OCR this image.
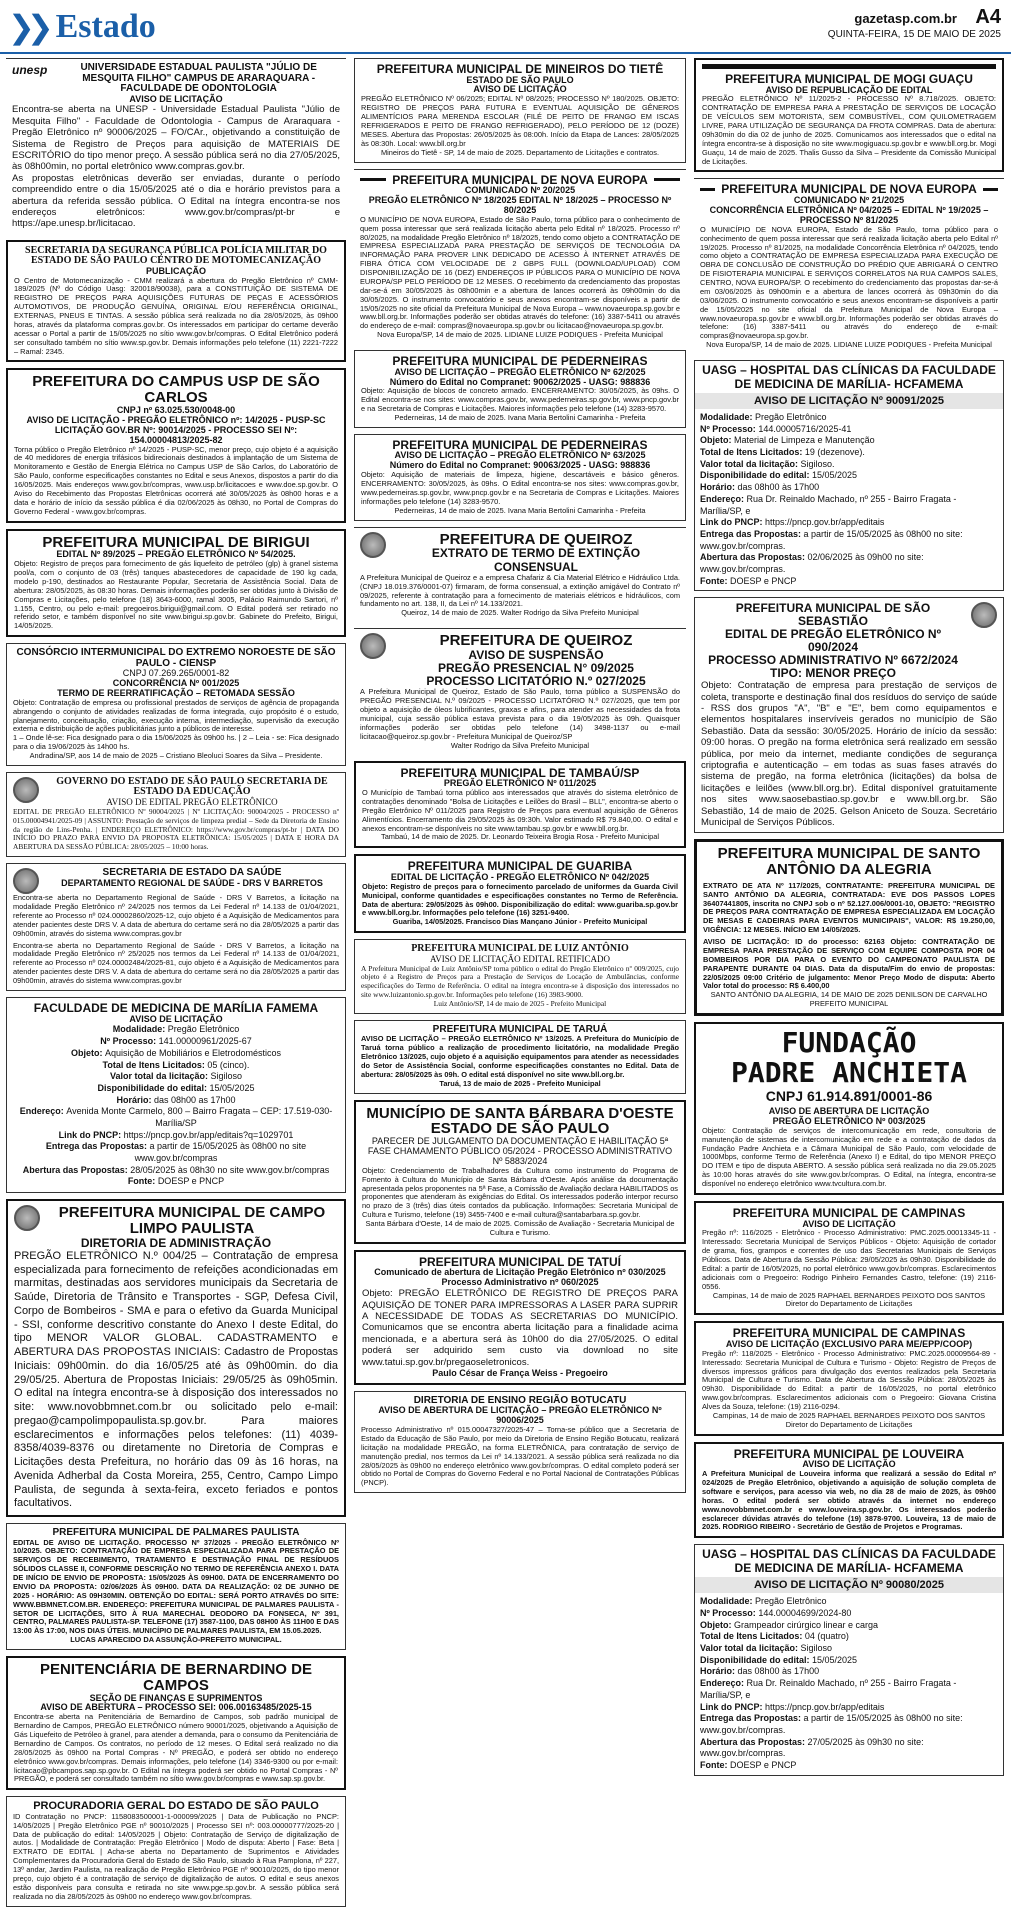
❯❯ Estado	gazetasp.com.br A4
QUINTA-FEIRA, 15 DE MAIO DE 2025
unesp	UNIVERSIDADE ESTADUAL PAULISTA "JÚLIO DE MESQUITA FILHO" CAMPUS DE ARARAQUARA - FACULDADE DE ODONTOLOGIA
AVISO DE LICITAÇÃO
Encontra-se aberta na UNESP - Universidade Estadual Paulista "Júlio de Mesquita Filho" - Faculdade de Odontologia - Campus de Araraquara - Pregão Eletrônico nº 90006/2025 – FO/CAr., objetivando a constituição de Sistema de Registro de Preços para aquisição de MATERIAIS DE ESCRITÓRIO do tipo menor preço. A sessão pública será no dia 27/05/2025, às 08h00min, no portal eletrônico www.compras.gov.br.
As propostas eletrônicas deverão ser enviadas, durante o período compreendido entre o dia 15/05/2025 até o dia e horário previstos para a abertura da referida sessão pública. O Edital na íntegra encontra-se nos endereços eletrônicos: www.gov.br/compras/pt-br e https://ape.unesp.br/licitacao.
SECRETARIA DA SEGURANÇA PÚBLICA POLÍCIA MILITAR DO ESTADO DE SÃO PAULO CENTRO DE MOTOMECANIZAÇÃO
PUBLICAÇÃO
O Centro de Motomecanização - CMM realizará a abertura do Pregão Eletrônico nº CMM-189/2025 (Nº do Código Uasg: 320018/90038), para a CONSTITUIÇÃO DE SISTEMA DE REGISTRO DE PREÇOS PARA AQUISIÇÕES FUTURAS DE PEÇAS E ACESSÓRIOS AUTOMOTIVOS, DE PRODUÇÃO GENUÍNA, ORIGINAL E/OU REFERÊNCIA ORIGINAL, EXTERNAS, PNEUS E TINTAS. A sessão pública será realizada no dia 28/05/2025, às 09h00 horas, através da plataforma compras.gov.br. Os interessados em participar do certame deverão acessar o Portal a partir de 15/05/2025 no sítio www.gov.br/compras. O Edital Eletrônico poderá ser consultado também no sítio www.sp.gov.br. Demais informações pelo telefone (11) 2221-7222 – Ramal: 2345.
PREFEITURA DO CAMPUS USP DE SÃO CARLOS
CNPJ nº 63.025.530/0048-00
AVISO DE LICITAÇÃO - PREGÃO ELETRÔNICO nº: 14/2025 - PUSP-SC
LICITAÇÃO GOV.BR Nº: 90014/2025 - PROCESSO SEI Nº: 154.00004813/2025-82
Torna público o Pregão Eletrônico nº 14/2025 - PUSP-SC, menor preço, cujo objeto é a aquisição de 40 medidores de energia trifásicos bidirecionais destinados à implantação de um Sistema de Monitoramento e Gestão de Energia Elétrica no Campus USP de São Carlos, do Laboratório de São Paulo, conforme especificações constantes no Edital e seus Anexos, dispostos a partir do dia 16/05/2025. Mais endereços www.gov.br/compras, www.usp.br/licitacoes e www.doe.sp.gov.br. O Aviso do Recebimento das Propostas Eletrônicas ocorrerá até 30/05/2025 às 08h00 horas e a data e horário de início da sessão pública é dia 02/06/2025 às 08h30, no Portal de Compras do Governo Federal - www.gov.br/compras.
PREFEITURA MUNICIPAL DE BIRIGUI
EDITAL Nº 89/2025 – PREGÃO ELETRÔNICO Nº 54/2025.
Objeto: Registro de preços para fornecimento de gás liquefeito de petróleo (glp) à granel sistema pool/a, com o conjunto de 03 (três) tanques abastecedores de capacidade de 190 kg cada, modelo p-190, destinados ao Restaurante Popular, Secretaria de Assistência Social. Data de abertura: 28/05/2025, às 08:30 horas. Demais informações poderão ser obtidas junto à Divisão de Compras e Licitações, pelo telefone (18) 3643-6000, ramal 3005, Palácio Raimundo Sartori, nº 1.155, Centro, ou pelo e-mail: pregoeiros.birigui@gmail.com. O Edital poderá ser retirado no referido setor, e também disponível no site www.birigui.sp.gov.br. Gabinete do Prefeito, Birigui, 14/05/2025.
CONSÓRCIO INTERMUNICIPAL DO EXTREMO NOROESTE DE SÃO PAULO - CIENSP
CNPJ 07.269.265/0001-82
CONCORRÊNCIA Nº 001/2025
TERMO DE REERRATIFICAÇÃO – RETOMADA SESSÃO
Objeto: Contratação de empresa ou profissional prestados de serviços de agência de propaganda abrangendo o conjunto de atividades realizadas de forma integrada, cujo propósito é o estudo, planejamento, conceituação, criação, execução interna, intermediação, supervisão da execução externa e distribuição de ações publicitárias junto a públicos de interesse.
1 – Onde lê-se: Fica designado para o dia 15/06/2025 às 09h00 hs. | 2 – Leia - se: Fica designado para o dia 19/06/2025 às 14h00 hs.
Andradina/SP, aos 14 de maio de 2025 – Cristiano Bleoluci Soares da Silva – Presidente.
GOVERNO DO ESTADO DE SÃO PAULO SECRETARIA DE ESTADO DA EDUCAÇÃO
AVISO DE EDITAL PREGÃO ELETRÔNICO
EDITAL DE PREGÃO ELETRÔNICO Nº 90004/2025 | Nº LICITAÇÃO: 90004/2025 - PROCESSO nº 015.00004941/2025-09 | ASSUNTO: Prestação de serviços de limpeza predial – Sede da Diretoria de Ensino da região de Lins-Penha. | ENDEREÇO ELETRÔNICO: https://www.gov.br/compras/pt-br | DATA DO INÍCIO DO PRAZO PARA ENVIO DA PROPOSTA ELETRÔNICA: 15/05/2025 | DATA E HORA DA ABERTURA DA SESSÃO PÚBLICA: 28/05/2025 – 10:00 horas.
SECRETARIA DE ESTADO DA SAÚDE
DEPARTAMENTO REGIONAL DE SAÚDE - DRS V BARRETOS
Encontra-se aberta no Departamento Regional de Saúde - DRS V Barretos, a licitação na modalidade Pregão Eletrônico nº 24/2025 nos termos da Lei Federal nº 14.133 de 01/04/2021, referente ao Processo nº 024.00002860/2025-12, cujo objeto é a Aquisição de Medicamentos para atender pacientes deste DRS V. A data de abertura do certame será no dia 28/05/2025 a partir das 09h00min, através do sistema www.compras.gov.br
Encontra-se aberta no Departamento Regional de Saúde - DRS V Barretos, a licitação na modalidade Pregão Eletrônico nº 25/2025 nos termos da Lei Federal nº 14.133 de 01/04/2021, referente ao Processo nº 024.00002484/2025-81, cujo objeto é a Aquisição de Medicamentos para atender pacientes deste DRS V. A data de abertura do certame será no dia 28/05/2025 a partir das 09h00min, através do sistema www.compras.gov.br
FACULDADE DE MEDICINA DE MARÍLIA FAMEMA
AVISO DE LICITAÇÃO
Modalidade: Pregão Eletrônico
Nº Processo: 141.00000961/2025-67
Objeto: Aquisição de Mobiliários e Eletrodomésticos
Total de Itens Licitados: 05 (cinco).
Valor total da licitação: Sigiloso
Disponibilidade do edital: 15/05/2025
Horário: das 08h00 as 17h00
Endereço: Avenida Monte Carmelo, 800 – Bairro Fragata – CEP: 17.519-030-Marília/SP
Link do PNCP: https://pncp.gov.br/app/editais?q=1029701
Entrega das Propostas: a partir de 15/05/2025 às 08h00 no site www.gov.br/compras
Abertura das Propostas: 28/05/2025 às 08h30 no site www.gov.br/compras
Fonte: DOESP e PNCP
PREFEITURA MUNICIPAL DE CAMPO LIMPO PAULISTA
DIRETORIA DE ADMINISTRAÇÃO
PREGÃO ELETRÔNICO N.º 004/25 – Contratação de empresa especializada para fornecimento de refeições acondicionadas em marmitas, destinadas aos servidores municipais da Secretaria de Saúde, Diretoria de Trânsito e Transportes - SGP, Defesa Civil, Corpo de Bombeiros - SMA e para o efetivo da Guarda Municipal - SSI, conforme descritivo constante do Anexo I deste Edital, do tipo MENOR VALOR GLOBAL. CADASTRAMENTO e ABERTURA DAS PROPOSTAS INICIAIS: Cadastro de Propostas Iniciais: 09h00min. do dia 16/05/25 até às 09h00min. do dia 29/05/25. Abertura de Propostas Iniciais: 29/05/25 às 09h05min. O edital na íntegra encontra-se à disposição dos interessados no site: www.novobbmnet.com.br ou solicitado pelo e-mail: pregao@campolimpopaulista.sp.gov.br. Para maiores esclarecimentos e informações pelos telefones: (11) 4039-8358/4039-8376 ou diretamente no Diretoria de Compras e Licitações desta Prefeitura, no horário das 09 às 16 horas, na Avenida Adherbal da Costa Moreira, 255, Centro, Campo Limpo Paulista, de segunda à sexta-feira, exceto feriados e pontos facultativos.
PREFEITURA MUNICIPAL DE PALMARES PAULISTA
EDITAL DE AVISO DE LICITAÇÃO. PROCESSO Nº 37/2025 - PREGÃO ELETRÔNICO Nº 10/2025. OBJETO: CONTRATAÇÃO DE EMPRESA ESPECIALIZADA PARA PRESTAÇÃO DE SERVIÇOS DE RECEBIMENTO, TRATAMENTO E DESTINAÇÃO FINAL DE RESÍDUOS SÓLIDOS CLASSE II, CONFORME DESCRIÇÃO NO TERMO DE REFERÊNCIA ANEXO I. DATA DE INÍCIO DE ENVIO DE PROPOSTA: 15/05/2025 ÀS 09H00. DATA DE ENCERRAMENTO DO ENVIO DA PROPOSTA: 02/06/2025 ÀS 09H00. DATA DA REALIZAÇÃO: 02 DE JUNHO DE 2025 - HORÁRIO: AS 09H30MIN. OBTENÇÃO DO EDITAL: SERÁ PORTO ATRAVÉS DO SITE: WWW.BBMNET.COM.BR. ENDEREÇO: PREFEITURA MUNICIPAL DE PALMARES PAULISTA - SETOR DE LICITAÇÕES, SITO À RUA MARECHAL DEODORO DA FONSECA, Nº 391, CENTRO, PALMARES PAULISTA-SP. TELEFONE (17) 3587-1100, DAS 08H00 ÀS 11H00 E DAS 13:00 ÀS 17:00, NOS DIAS ÚTEIS. MUNICÍPIO DE PALMARES PAULISTA, EM 15.05.2025.
LUCAS APARECIDO DA ASSUNÇÃO-PREFEITO MUNICIPAL.
PENITENCIÁRIA DE BERNARDINO DE CAMPOS
SEÇÃO DE FINANÇAS E SUPRIMENTOS
AVISO DE ABERTURA – PROCESSO SEI: 006.00163485/2025-15
Encontra-se aberta na Penitenciária de Bernardino de Campos, sob padrão municipal de Bernardino de Campos, PREGÃO ELETRÔNICO número 90001/2025, objetivando a Aquisição de Gás Liquefeito de Petróleo à granel, para atender a demanda, para o consumo da Penitenciária de Bernardino de Campos. Os contratos, no período de 12 meses. O Edital será realizado no dia 28/05/2025 às 09h00 na Portal Compras - Nº PREGÃO, e poderá ser obtido no endereço eletrônico www.gov.br/compras. Demais informações, pelo telefone (14) 3346-9300 ou por e-mail: licitacao@pbcampos.sap.sp.gov.br. O Edital na íntegra poderá ser obtido no Portal Compras - Nº PREGÃO, e poderá ser consultado também no sítio www.gov.br/compras e www.sap.sp.gov.br.
PROCURADORIA GERAL DO ESTADO DE SÃO PAULO
ID Contratação no PNCP: 1158083500001-1-000099/2025 | Data de Publicação no PNCP: 14/05/2025 | Pregão Eletrônico PGE nº 90010/2025 | Processo SEI nº: 003.00000777/2025-20 | Data de publicação do edital: 14/05/2025 | Objeto: Contratação de Serviço de digitalização de autos. | Modalidade de Contratação: Pregão Eletrônico | Modo de disputa: Aberto | Fase: Beta | EXTRATO DE EDITAL | Acha-se aberta no Departamento de Suprimentos e Atividades Complementares da Procuradoria Geral do Estado de São Paulo, situado à Rua Pamplona, nº 227, 13º andar, Jardim Paulista, na realização de Pregão Eletrônico PGE nº 90010/2025, do tipo menor preço, cujo objeto é a contratação de serviço de digitalização de autos. O edital e seus anexos estão disponíveis para consulta e retirada no site www.pge.sp.gov.br. A sessão pública será realizada no dia 28/05/2025 às 09h00 no endereço www.gov.br/compras.
PREFEITURA MUNICIPAL DE MINEIROS DO TIETÊ
ESTADO DE SÃO PAULO
AVISO DE LICITAÇÃO
PREGÃO ELETRÔNICO Nº 06/2025; EDITAL Nº 08/2025; PROCESSO Nº 180/2025. OBJETO: REGISTRO DE PREÇOS PARA FUTURA E EVENTUAL AQUISIÇÃO DE GÊNEROS ALIMENTÍCIOS PARA MERENDA ESCOLAR (FILÉ DE PEITO DE FRANGO EM ISCAS REFRIGERADOS E PEITO DE FRANGO REFRIGERADO), PELO PERÍODO DE 12 (DOZE) MESES. Abertura das Propostas: 26/05/2025 às 08:00h. Início da Etapa de Lances: 28/05/2025 às 08:30h. Local: www.bll.org.br
Mineiros do Tietê - SP, 14 de maio de 2025. Departamento de Licitações e contratos.
PREFEITURA MUNICIPAL DE NOVA EUROPA
COMUNICADO Nº 20/2025
PREGÃO ELETRÔNICO Nº 18/2025 EDITAL Nº 18/2025 – PROCESSO Nº 80/2025
O MUNICÍPIO DE NOVA EUROPA, Estado de São Paulo, torna público para o conhecimento de quem possa interessar que será realizada licitação aberta pelo Edital nº 18/2025. Processo nº 80/2025, na modalidade Pregão Eletrônico nº 18/2025, tendo como objeto a CONTRATAÇÃO DE EMPRESA ESPECIALIZADA PARA PRESTAÇÃO DE SERVIÇOS DE TECNOLOGIA DA INFORMAÇÃO PARA PROVER LINK DEDICADO DE ACESSO À INTERNET ATRAVÉS DE FIBRA ÓTICA COM VELOCIDADE DE 2 GBPS FULL (DOWNLOAD/UPLOAD) COM DISPONIBILIZAÇÃO DE 16 (DEZ) ENDEREÇOS IP PÚBLICOS PARA O MUNICÍPIO DE NOVA EUROPA/SP PELO PERÍODO DE 12 MESES. O recebimento da credenciamento das propostas dar-se-á em 30/05/2025 às 08h00min e a abertura de lances ocorrerá às 09h00min do dia 30/05/2025. O instrumento convocatório e seus anexos encontram-se disponíveis a partir de 15/05/2025 no site oficial da Prefeitura Municipal de Nova Europa – www.novaeuropa.sp.gov.br e www.bll.org.br. Informações poderão ser obtidas através do telefone: (16) 3387-5411 ou através do endereço de e-mail: compras@novaeuropa.sp.gov.br ou licitacao@novaeuropa.sp.gov.br.
Nova Europa/SP, 14 de maio de 2025. LIDIANE LUIZE PODIQUES - Prefeita Municipal
PREFEITURA MUNICIPAL DE PEDERNEIRAS
AVISO DE LICITAÇÃO – PREGÃO ELETRÔNICO Nº 62/2025
Número do Edital no Compranet: 90062/2025 - UASG: 988836
Objeto: Aquisição de blocos de concreto armado. ENCERRAMENTO: 30/05/2025, às 09hs. O Edital encontra-se nos sites: www.compras.gov.br, www.pederneiras.sp.gov.br, www.pncp.gov.br e na Secretaria de Compras e Licitações. Maiores informações pelo telefone (14) 3283-9570.
Pederneiras, 14 de maio de 2025. Ivana Maria Bertolini Camarinha - Prefeita
PREFEITURA MUNICIPAL DE PEDERNEIRAS
AVISO DE LICITAÇÃO – PREGÃO ELETRÔNICO Nº 63/2025
Número do Edital no Compranet: 90063/2025 - UASG: 988836
Objeto: Aquisição de materiais de limpeza, higiene, descartáveis e básico gêneros. ENCERRAMENTO: 30/05/2025, às 09hs. O Edital encontra-se nos sites: www.compras.gov.br, www.pederneiras.sp.gov.br, www.pncp.gov.br e na Secretaria de Compras e Licitações. Maiores informações pelo telefone (14) 3283-9570.
Pederneiras, 14 de maio de 2025. Ivana Maria Bertolini Camarinha - Prefeita
PREFEITURA DE QUEIROZ
EXTRATO DE TERMO DE EXTINÇÃO CONSENSUAL
A Prefeitura Municipal de Queiroz e a empresa Chafariz & Cia Material Elétrico e Hidráulico Ltda. (CNPJ 18.019.376/0001-07) firmaram, de forma consensual, a extinção amigável do Contrato nº 09/2025, referente à contratação para a fornecimento de materiais elétricos e hidráulicos, com fundamento no art. 138, II, da Lei nº 14.133/2021.
Queiroz, 14 de maio de 2025. Walter Rodrigo da Silva Prefeito Municipal
PREFEITURA DE QUEIROZ
AVISO DE SUSPENSÃO
PREGÃO PRESENCIAL N° 09/2025
PROCESSO LICITATÓRIO N.º 027/2025
A Prefeitura Municipal de Queiroz, Estado de São Paulo, torna público a SUSPENSÃO do PREGÃO PRESENCIAL N.º 09/2025 - PROCESSO LICITATÓRIO N.º 027/2025, que tem por objeto a aquisição de óleos lubrificantes, graxas e afins, para atender as necessidades da frota municipal, cuja sessão pública estava prevista para o dia 19/05/2025 às 09h. Quaisquer informações poderão ser obtidas pelo telefone (14) 3498-1137 ou e-mail licitacao@queiroz.sp.gov.br - Prefeitura Municipal de Queiroz/SP
Walter Rodrigo da Silva Prefeito Municipal
PREFEITURA MUNICIPAL DE TAMBAÚ/SP
PREGÃO ELETRÔNICO Nº 011/2025
O Município de Tambaú torna público aos interessados que através do sistema eletrônico de contratações denominado "Bolsa de Licitações e Leilões do Brasil – BLL", encontra-se aberto o Pregão Eletrônico Nº 011/2025 para Registro de Preços para eventual aquisição de Gêneros Alimentícios. Encerramento dia 29/05/2025 às 09:30h. Valor estimado R$ 79.840,00. O edital e anexos encontram-se disponíveis no site www.tambau.sp.gov.br e www.bll.org.br.
Tambaú, 14 de maio de 2025. Dr. Leonardo Teixeira Brogia Rosa - Prefeito Municipal
PREFEITURA MUNICIPAL DE GUARIBA
EDITAL DE LICITAÇÃO - PREGÃO ELETRÔNICO Nº 042/2025
Objeto: Registro de preços para o fornecimento parcelado de uniformes da Guarda Civil Municipal, conforme quantidades e especificações constantes no Termo de Referência. Data de abertura: 29/05/2025 às 09h00. Disponibilização do edital: www.guariba.sp.gov.br e www.bll.org.br. Informações pelo telefone (16) 3251-9400.
Guariba, 14/05/2025. Francisco Dias Mançano Júnior - Prefeito Municipal
PREFEITURA MUNICIPAL DE LUIZ ANTÔNIO
AVISO DE LICITAÇÃO EDITAL RETIFICADO
A Prefeitura Municipal de Luiz Antônio/SP torna público o edital do Pregão Eletrônico nº 009/2025, cujo objeto é a Registro de Preços para a Prestação de Serviços de Locação de Ambulâncias, conforme especificações do Termo de Referência. O edital na íntegra encontra-se à disposição dos interessados no site www.luizantonio.sp.gov.br. Informações pelo telefone (16) 3983-9000.
Luiz Antônio/SP, 14 de maio de 2025 - Prefeito Municipal
PREFEITURA MUNICIPAL DE TARUÁ
AVISO DE LICITAÇÃO – PREGÃO ELETRÔNICO Nº 13/2025. A Prefeitura do Município de Taruá torna público a realização de procedimento licitatório, na modalidade Pregão Eletrônico 13/2025, cujo objeto é a aquisição equipamentos para atender as necessidades do Setor de Assistência Social, conforme especificações constantes no Edital. Data de abertura: 28/05/2025 às 09h. O edital está disponível no site www.bll.org.br.
Taruá, 13 de maio de 2025 - Prefeito Municipal
MUNICÍPIO DE SANTA BÁRBARA D'OESTE ESTADO DE SÃO PAULO
PARECER DE JULGAMENTO DA DOCUMENTAÇÃO E HABILITAÇÃO 5ª FASE CHAMAMENTO PÚBLICO 05/2024 - PROCESSO ADMINISTRATIVO Nº 5883/2024
Objeto: Credenciamento de Trabalhadores da Cultura como instrumento do Programa de Fomento à Cultura do Município de Santa Bárbara d'Oeste. Após análise da documentação apresentada pelos proponentes na 5ª Fase, a Comissão de Avaliação declara HABILITADOS os proponentes que atenderam às exigências do Edital. Os interessados poderão interpor recurso no prazo de 3 (três) dias úteis contados da publicação. Informações: Secretaria Municipal de Cultura e Turismo, telefone (19) 3455-7400 e e-mail cultura@santabarbara.sp.gov.br.
Santa Bárbara d'Oeste, 14 de maio de 2025. Comissão de Avaliação - Secretaria Municipal de Cultura e Turismo.
PREFEITURA MUNICIPAL DE TATUÍ
Comunicado de abertura de Licitação Pregão Eletrônico nº 030/2025 Processo Administrativo nº 060/2025
Objeto: PREGÃO ELETRÔNICO DE REGISTRO DE PREÇOS PARA AQUISIÇÃO DE TONER PARA IMPRESSORAS A LASER PARA SUPRIR A NECESSIDADE DE TODAS AS SECRETARIAS DO MUNICÍPIO. Comunicamos que se encontra aberta licitação para a finalidade acima mencionada, e a abertura será às 10h00 do dia 27/05/2025. O edital poderá ser adquirido sem custo via download no site www.tatui.sp.gov.br/pregaoseletronicos.
Paulo César de França Weiss - Pregoeiro
DIRETORIA DE ENSINO REGIÃO BOTUCATU
AVISO DE ABERTURA DE LICITAÇÃO – PREGÃO ELETRÔNICO Nº 90006/2025
Processo Administrativo nº 015.00047327/2025-47 – Torna-se público que a Secretaria de Estado da Educação de São Paulo, por meio da Diretoria de Ensino Região Botucatu, realizará licitação na modalidade PREGÃO, na forma ELETRÔNICA, para contratação de serviço de manutenção predial, nos termos da Lei nº 14.133/2021. A sessão pública será realizada no dia 28/05/2025 às 09h00 no endereço eletrônico www.gov.br/compras. O edital completo poderá ser obtido no Portal de Compras do Governo Federal e no Portal Nacional de Contratações Públicas (PNCP).
PREFEITURA MUNICIPAL DE MOGI GUAÇU
AVISO DE REPUBLICAÇÃO DE EDITAL
PREGÃO ELETRÔNICO Nº 11/2025-2 - PROCESSO Nº 8.718/2025. OBJETO: CONTRATAÇÃO DE EMPRESA PARA A PRESTAÇÃO DE SERVIÇOS DE LOCAÇÃO DE VEÍCULOS SEM MOTORISTA, SEM COMBUSTÍVEL, COM QUILOMETRAGEM LIVRE, PARA UTILIZAÇÃO DE SEGURANÇA DA FROTA COMPRAS. Data de abertura: 09h30min do dia 02 de junho de 2025. Comunicamos aos interessados que o edital na íntegra encontra-se à disposição no site www.mogiguacu.sp.gov.br e www.bll.org.br. Mogi Guaçu, 14 de maio de 2025. Thalis Gusso da Silva – Presidente da Comissão Municipal de Licitações.
PREFEITURA MUNICIPAL DE NOVA EUROPA
COMUNICADO Nº 21/2025
CONCORRÊNCIA ELETRÔNICA Nº 04/2025 – EDITAL Nº 19/2025 – PROCESSO Nº 81/2025
O MUNICÍPIO DE NOVA EUROPA, Estado de São Paulo, torna público para o conhecimento de quem possa interessar que será realizada licitação aberta pelo Edital nº 19/2025. Processo nº 81/2025, na modalidade Concorrência Eletrônica nº 04/2025, tendo como objeto a CONTRATAÇÃO DE EMPRESA ESPECIALIZADA PARA EXECUÇÃO DE OBRA DE CONCLUSÃO DE CONSTRUÇÃO DO PRÉDIO QUE ABRIGARÁ O CENTRO DE FISIOTERAPIA MUNICIPAL E SERVIÇOS CORRELATOS NA RUA CAMPOS SALES, CENTRO, NOVA EUROPA/SP. O recebimento do credenciamento das propostas dar-se-á em 03/06/2025 às 09h00min e a abertura de lances ocorrerá às 09h30min do dia 03/06/2025. O instrumento convocatório e seus anexos encontram-se disponíveis a partir de 15/05/2025 no site oficial da Prefeitura Municipal de Nova Europa – www.novaeuropa.sp.gov.br e www.bll.org.br. Informações poderão ser obtidas através do telefone: (16) 3387-5411 ou através do endereço de e-mail: compras@novaeuropa.sp.gov.br.
Nova Europa/SP, 14 de maio de 2025. LIDIANE LUIZE PODIQUES - Prefeita Municipal
UASG – HOSPITAL DAS CLÍNICAS DA FACULDADE DE MEDICINA DE MARÍLIA- HCFAMEMA
AVISO DE LICITAÇÃO Nº 90091/2025
Modalidade: Pregão Eletrônico
Nº Processo: 144.00005716/2025-41
Objeto: Material de Limpeza e Manutenção
Total de Itens Licitados: 19 (dezenove).
Valor total da licitação: Sigiloso.
Disponibilidade do edital: 15/05/2025
Horário: das 08h00 às 17h00
Endereço: Rua Dr. Reinaldo Machado, nº 255 - Bairro Fragata - Marília/SP, e
Link do PNCP: https://pncp.gov.br/app/editais
Entrega das Propostas: a partir de 15/05/2025 às 08h00 no site: www.gov.br/compras.
Abertura das Propostas: 02/06/2025 às 09h00 no site: www.gov.br/compras.
Fonte: DOESP e PNCP
PREFEITURA MUNICIPAL DE SÃO SEBASTIÃO
EDITAL DE PREGÃO ELETRÔNICO Nº 090/2024
PROCESSO ADMINISTRATIVO Nº 6672/2024
TIPO: MENOR PREÇO
Objeto: Contratação de empresa para prestação de serviços de coleta, transporte e destinação final dos resíduos do serviço de saúde - RSS dos grupos "A", "B" e "E", bem como equipamentos e elementos hospitalares inservíveis gerados no município de São Sebastião. Data da sessão: 30/05/2025. Horário de início da sessão: 09:00 horas. O pregão na forma eletrônica será realizado em sessão pública, por meio da internet, mediante condições de segurança criptografia e autenticação – em todas as suas fases através do sistema de pregão, na forma eletrônica (licitações) da bolsa de licitações e leilões (www.bll.org.br). Edital disponível gratuitamente nos sites www.saosebastiao.sp.gov.br e www.bll.org.br. São Sebastião, 14 de maio de 2025. Gelson Aniceto de Souza. Secretário Municipal de Serviços Públicos.
PREFEITURA MUNICIPAL DE SANTO ANTÔNIO DA ALEGRIA
EXTRATO DE ATA Nº 117/2025, CONTRATANTE: PREFEITURA MUNICIPAL DE SANTO ANTÔNIO DA ALEGRIA, CONTRATADA: EVE DOS PASSOS LOPES 36407441805, inscrita no CNPJ sob o nº 52.127.006/0001-10, OBJETO: "REGISTRO DE PREÇOS PARA CONTRATAÇÃO DE EMPRESA ESPECIALIZADA EM LOCAÇÃO DE MESAS E CADEIRAS PARA EVENTOS MUNICIPAIS", VALOR: R$ 19.250,00, VIGÊNCIA: 12 MESES. INÍCIO EM 14/05/2025.
AVISO DE LICITAÇÃO: ID do processo: 62163 Objeto: CONTRATAÇÃO DE EMPRESA PARA PRESTAÇÃO DE SERVIÇO COM EQUIPE COMPOSTA POR 04 BOMBEIROS POR DIA PARA O EVENTO DO CAMPEONATO PAULISTA DE PARAPENTE DURANTE 04 DIAS. Data da disputa/Fim do envio de propostas: 22/05/2025 09:00 Critério de julgamento: Menor Preço Modo de disputa: Aberto Valor total do processo: R$ 6.400,00
SANTO ANTÔNIO DA ALEGRIA, 14 DE MAIO DE 2025 DENILSON DE CARVALHO PREFEITO MUNICIPAL
FUNDAÇÃO
PADRE ANCHIETA
CNPJ 61.914.891/0001-86
AVISO DE ABERTURA DE LICITAÇÃO
PREGÃO ELETRÔNICO Nº 003/2025
Objeto: Contratação de serviços de intercomunicação em rede, consultoria de manutenção de sistemas de intercomunicação em rede e a contratação de dados da Fundação Padre Anchieta e a Câmara Municipal de São Paulo, com velocidade de 1000Mbps, conforme Termo de Referência (Anexo I) e Edital, do tipo MENOR PREÇO DO ITEM e tipo de disputa ABERTO. A sessão pública será realizada no dia 29.05.2025 às 10:00 horas através do site www.gov.br/compras. O Edital, na íntegra, encontra-se disponível no endereço eletrônico www.tvcultura.com.br.
PREFEITURA MUNICIPAL DE CAMPINAS
AVISO DE LICITAÇÃO
Pregão nº: 116/2025 - Eletrônico - Processo Administrativo: PMC.2025.00013345-11 - Interessado: Secretaria Municipal de Serviços Públicos - Objeto: Aquisição de cortador de grama, fios, grampos e correntes de uso das Secretarias Municipais de Serviços Públicos. Data de Abertura da Sessão Pública: 29/05/2025 às 09h30. Disponibilidade do Edital: a partir de 16/05/2025, no portal eletrônico www.gov.br/compras. Esclarecimentos adicionais com o Pregoeiro: Rodrigo Pinheiro Fernandes Castro, telefone: (19) 2116-0556.
Campinas, 14 de maio de 2025 RAPHAEL BERNARDES PEIXOTO DOS SANTOS Diretor do Departamento de Licitações
PREFEITURA MUNICIPAL DE CAMPINAS
AVISO DE LICITAÇÃO (EXCLUSIVO PARA ME/EPP/COOP)
Pregão nº: 118/2025 - Eletrônico - Processo Administrativo: PMC.2025.00009564-89 - Interessado: Secretaria Municipal de Cultura e Turismo - Objeto: Registro de Preços de diversos impressos gráficos para divulgação dos eventos realizados pela Secretaria Municipal de Cultura e Turismo. Data de Abertura da Sessão Pública: 28/05/2025 às 09h30. Disponibilidade do Edital: a partir de 16/05/2025, no portal eletrônico www.gov.br/compras. Esclarecimentos adicionais com o Pregoeiro: Giovana Cristina Alves da Souza, telefone: (19) 2116-0294.
Campinas, 14 de maio de 2025 RAPHAEL BERNARDES PEIXOTO DOS SANTOS Diretor do Departamento de Licitações
PREFEITURA MUNICIPAL DE LOUVEIRA
AVISO DE LICITAÇÃO
A Prefeitura Municipal de Louveira informa que realizará a sessão do Edital nº 024/2025 de Pregão Eletrônico, objetivando a aquisição de solução completa de software e serviços, para acesso via web, no dia 28 de maio de 2025, às 09h00 horas. O edital poderá ser obtido através da internet no endereço www.novobbmnet.com.br e www.louveira.sp.gov.br. Os interessados poderão esclarecer dúvidas através do telefone (19) 3878-9700. Louveira, 13 de maio de 2025. RODRIGO RIBEIRO - Secretário de Gestão de Projetos e Programas.
UASG – HOSPITAL DAS CLÍNICAS DA FACULDADE DE MEDICINA DE MARÍLIA- HCFAMEMA
AVISO DE LICITAÇÃO Nº 90080/2025
Modalidade: Pregão Eletrônico
Nº Processo: 144.00004699/2024-80
Objeto: Grampeador cirúrgico linear e carga
Total de Itens Licitados: 04 (quatro)
Valor total da licitação: Sigiloso
Disponibilidade do edital: 15/05/2025
Horário: das 08h00 às 17h00
Endereço: Rua Dr. Reinaldo Machado, nº 255 - Bairro Fragata - Marília/SP, e
Link do PNCP: https://pncp.gov.br/app/editais
Entrega das Propostas: a partir de 15/05/2025 às 08h00 no site: www.gov.br/compras.
Abertura das Propostas: 27/05/2025 às 09h30 no site: www.gov.br/compras.
Fonte: DOESP e PNCP
